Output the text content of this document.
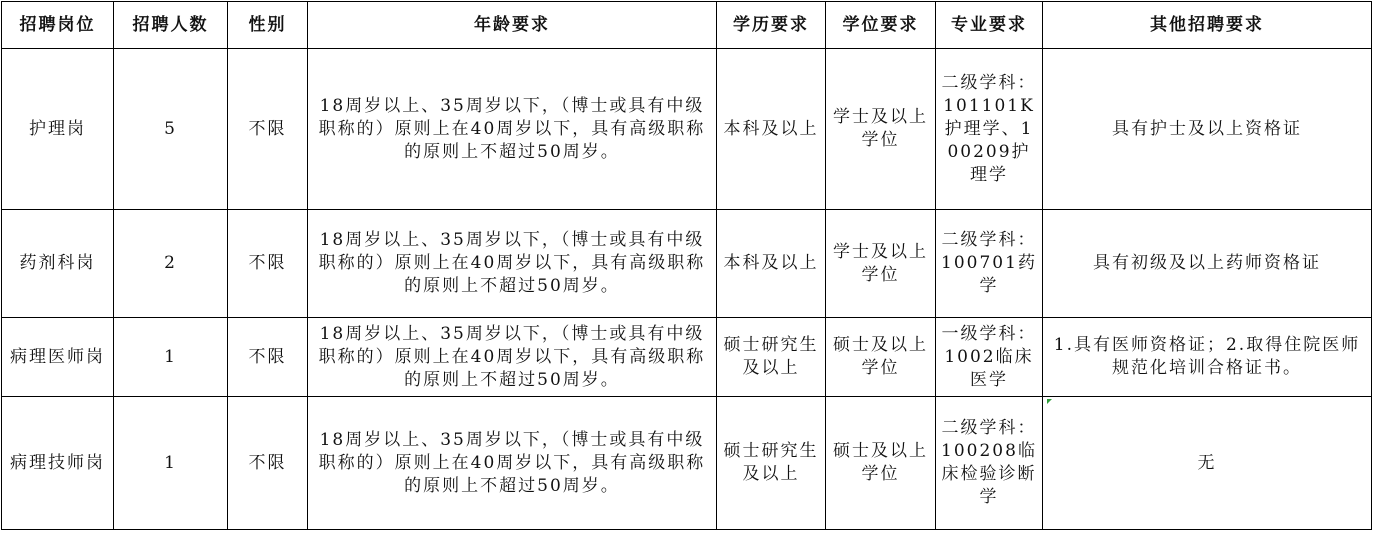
招聘岗位	招聘人数	性别	年龄要求	学历要求	学位要求	专业要求	其他招聘要求
护理岗	5	不限	18周岁以上、35周岁以下，（博士或具有中级职称的）原则上在40周岁以下，具有高级职称的原则上不超过50周岁。	本科及以上	学士及以上学位	二级学科：101101K护理学、100209护理学	具有护士及以上资格证
药剂科岗	2	不限	18周岁以上、35周岁以下，（博士或具有中级职称的）原则上在40周岁以下，具有高级职称的原则上不超过50周岁。	本科及以上	学士及以上学位	二级学科：100701药学	具有初级及以上药师资格证
病理医师岗	1	不限	18周岁以上、35周岁以下，（博士或具有中级职称的）原则上在40周岁以下，具有高级职称的原则上不超过50周岁。	硕士研究生及以上	硕士及以上学位	一级学科：1002临床医学	1.具有医师资格证；2.取得住院医师规范化培训合格证书。
病理技师岗	1	不限	18周岁以上、35周岁以下，（博士或具有中级职称的）原则上在40周岁以下，具有高级职称的原则上不超过50周岁。	硕士研究生及以上	硕士及以上学位	二级学科：100208临床检验诊断学	无
